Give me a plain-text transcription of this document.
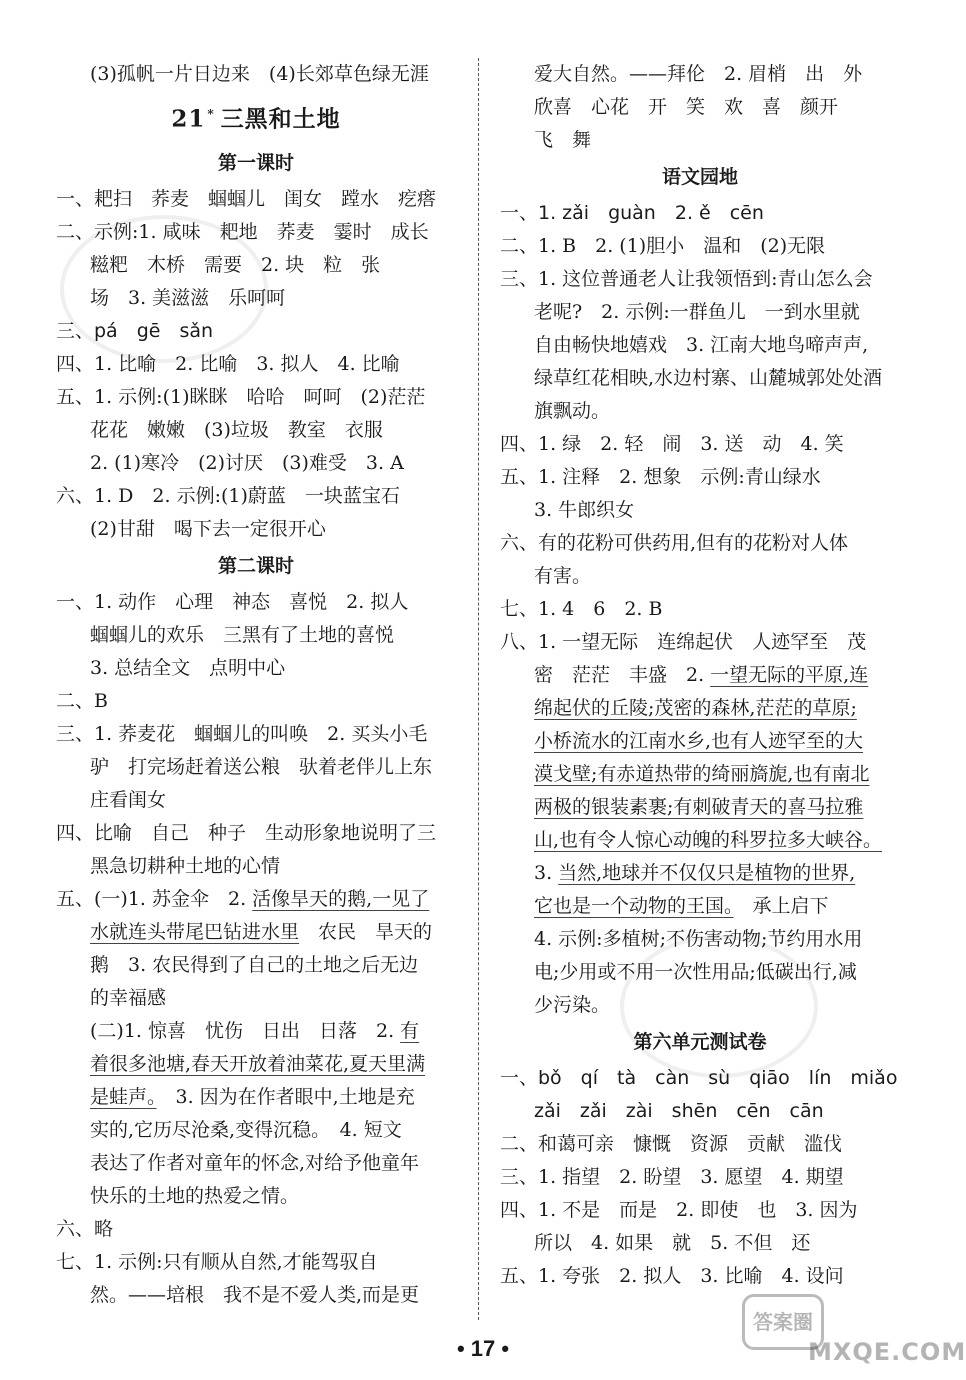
(3)孤帆一片日边来　(4)长郊草色绿无涯

21 * 三黑和土地
第一课时

一、耙扫　荞麦　蝈蝈儿　闺女　蹚水　疙瘩

二、示例:1. 咸味　耙地　荞麦　霎时　成长

糍粑　木桥　需要　2. 块　粒　张

场　3. 美滋滋　乐呵呵

三、pá　gē　sǎn

四、1. 比喻　2. 比喻　3. 拟人　4. 比喻

五、1. 示例:(1)眯眯　哈哈　呵呵　(2)茫茫

花花　嫩嫩　(3)垃圾　教室　衣服

2. (1)寒冷　(2)讨厌　(3)难受　3. A

六、1. D　2. 示例:(1)蔚蓝　一块蓝宝石

(2)甘甜　喝下去一定很开心

第二课时

一、1. 动作　心理　神态　喜悦　2. 拟人

蝈蝈儿的欢乐　三黑有了土地的喜悦

3. 总结全文　点明中心

二、B

三、1. 荞麦花　蝈蝈儿的叫唤　2. 买头小毛

驴　打完场赶着送公粮　驮着老伴儿上东

庄看闺女

四、比喻　自己　种子　生动形象地说明了三

黑急切耕种土地的心情

五、(一)1. 苏金伞　2. 活像旱天的鹅,一见了

水就连头带尾巴钻进水里　农民　旱天的

鹅　3. 农民得到了自己的土地之后无边

的幸福感

(二)1. 惊喜　忧伤　日出　日落　2. 有

着很多池塘,春天开放着油菜花,夏天里满

是蛙声。　3. 因为在作者眼中,土地是充

实的,它历尽沧桑,变得沉稳。　4. 短文

表达了作者对童年的怀念,对给予他童年

快乐的土地的热爱之情。

六、略

七、1. 示例:只有顺从自然,才能驾驭自

然。——培根　我不是不爱人类,而是更

爱大自然。——拜伦　2. 眉梢　出　外

欣喜　心花　开　笑　欢　喜　颜开

飞　舞

语文园地

一、1. zǎi　guàn　2. ě　cēn

二、1. B　2. (1)胆小　温和　(2)无限

三、1. 这位普通老人让我领悟到:青山怎么会

老呢?　2. 示例:一群鱼儿　一到水里就

自由畅快地嬉戏　3. 江南大地鸟啼声声,

绿草红花相映,水边村寨、山麓城郭处处酒

旗飘动。

四、1. 绿　2. 轻　闹　3. 送　动　4. 笑

五、1. 注释　2. 想象　示例:青山绿水

3. 牛郎织女

六、有的花粉可供药用,但有的花粉对人体

有害。

七、1. 4　6　2. B

八、1. 一望无际　连绵起伏　人迹罕至　茂

密　茫茫　丰盛　2. 一望无际的平原,连

绵起伏的丘陵;茂密的森林,茫茫的草原;

小桥流水的江南水乡,也有人迹罕至的大

漠戈壁;有赤道热带的绮丽旖旎,也有南北

两极的银装素裹;有刺破青天的喜马拉雅

山,也有令人惊心动魄的科罗拉多大峡谷。

3. 当然,地球并不仅仅只是植物的世界,

它也是一个动物的王国。　承上启下

4. 示例:多植树;不伤害动物;节约用水用

电;少用或不用一次性用品;低碳出行,减

少污染。

第六单元测试卷

一、bǒ　qí　tà　càn　sù　qiāo　lín　miǎo

zǎi　zǎi　zài　shēn　cēn　cān

二、和蔼可亲　慷慨　资源　贡献　滥伐

三、1. 指望　2. 盼望　3. 愿望　4. 期望

四、1. 不是　而是　2. 即使　也　3. 因为

所以　4. 如果　就　5. 不但　还

五、1. 夸张　2. 拟人　3. 比喻　4. 设问

• 17 •
答案圈
MXQE.COM
